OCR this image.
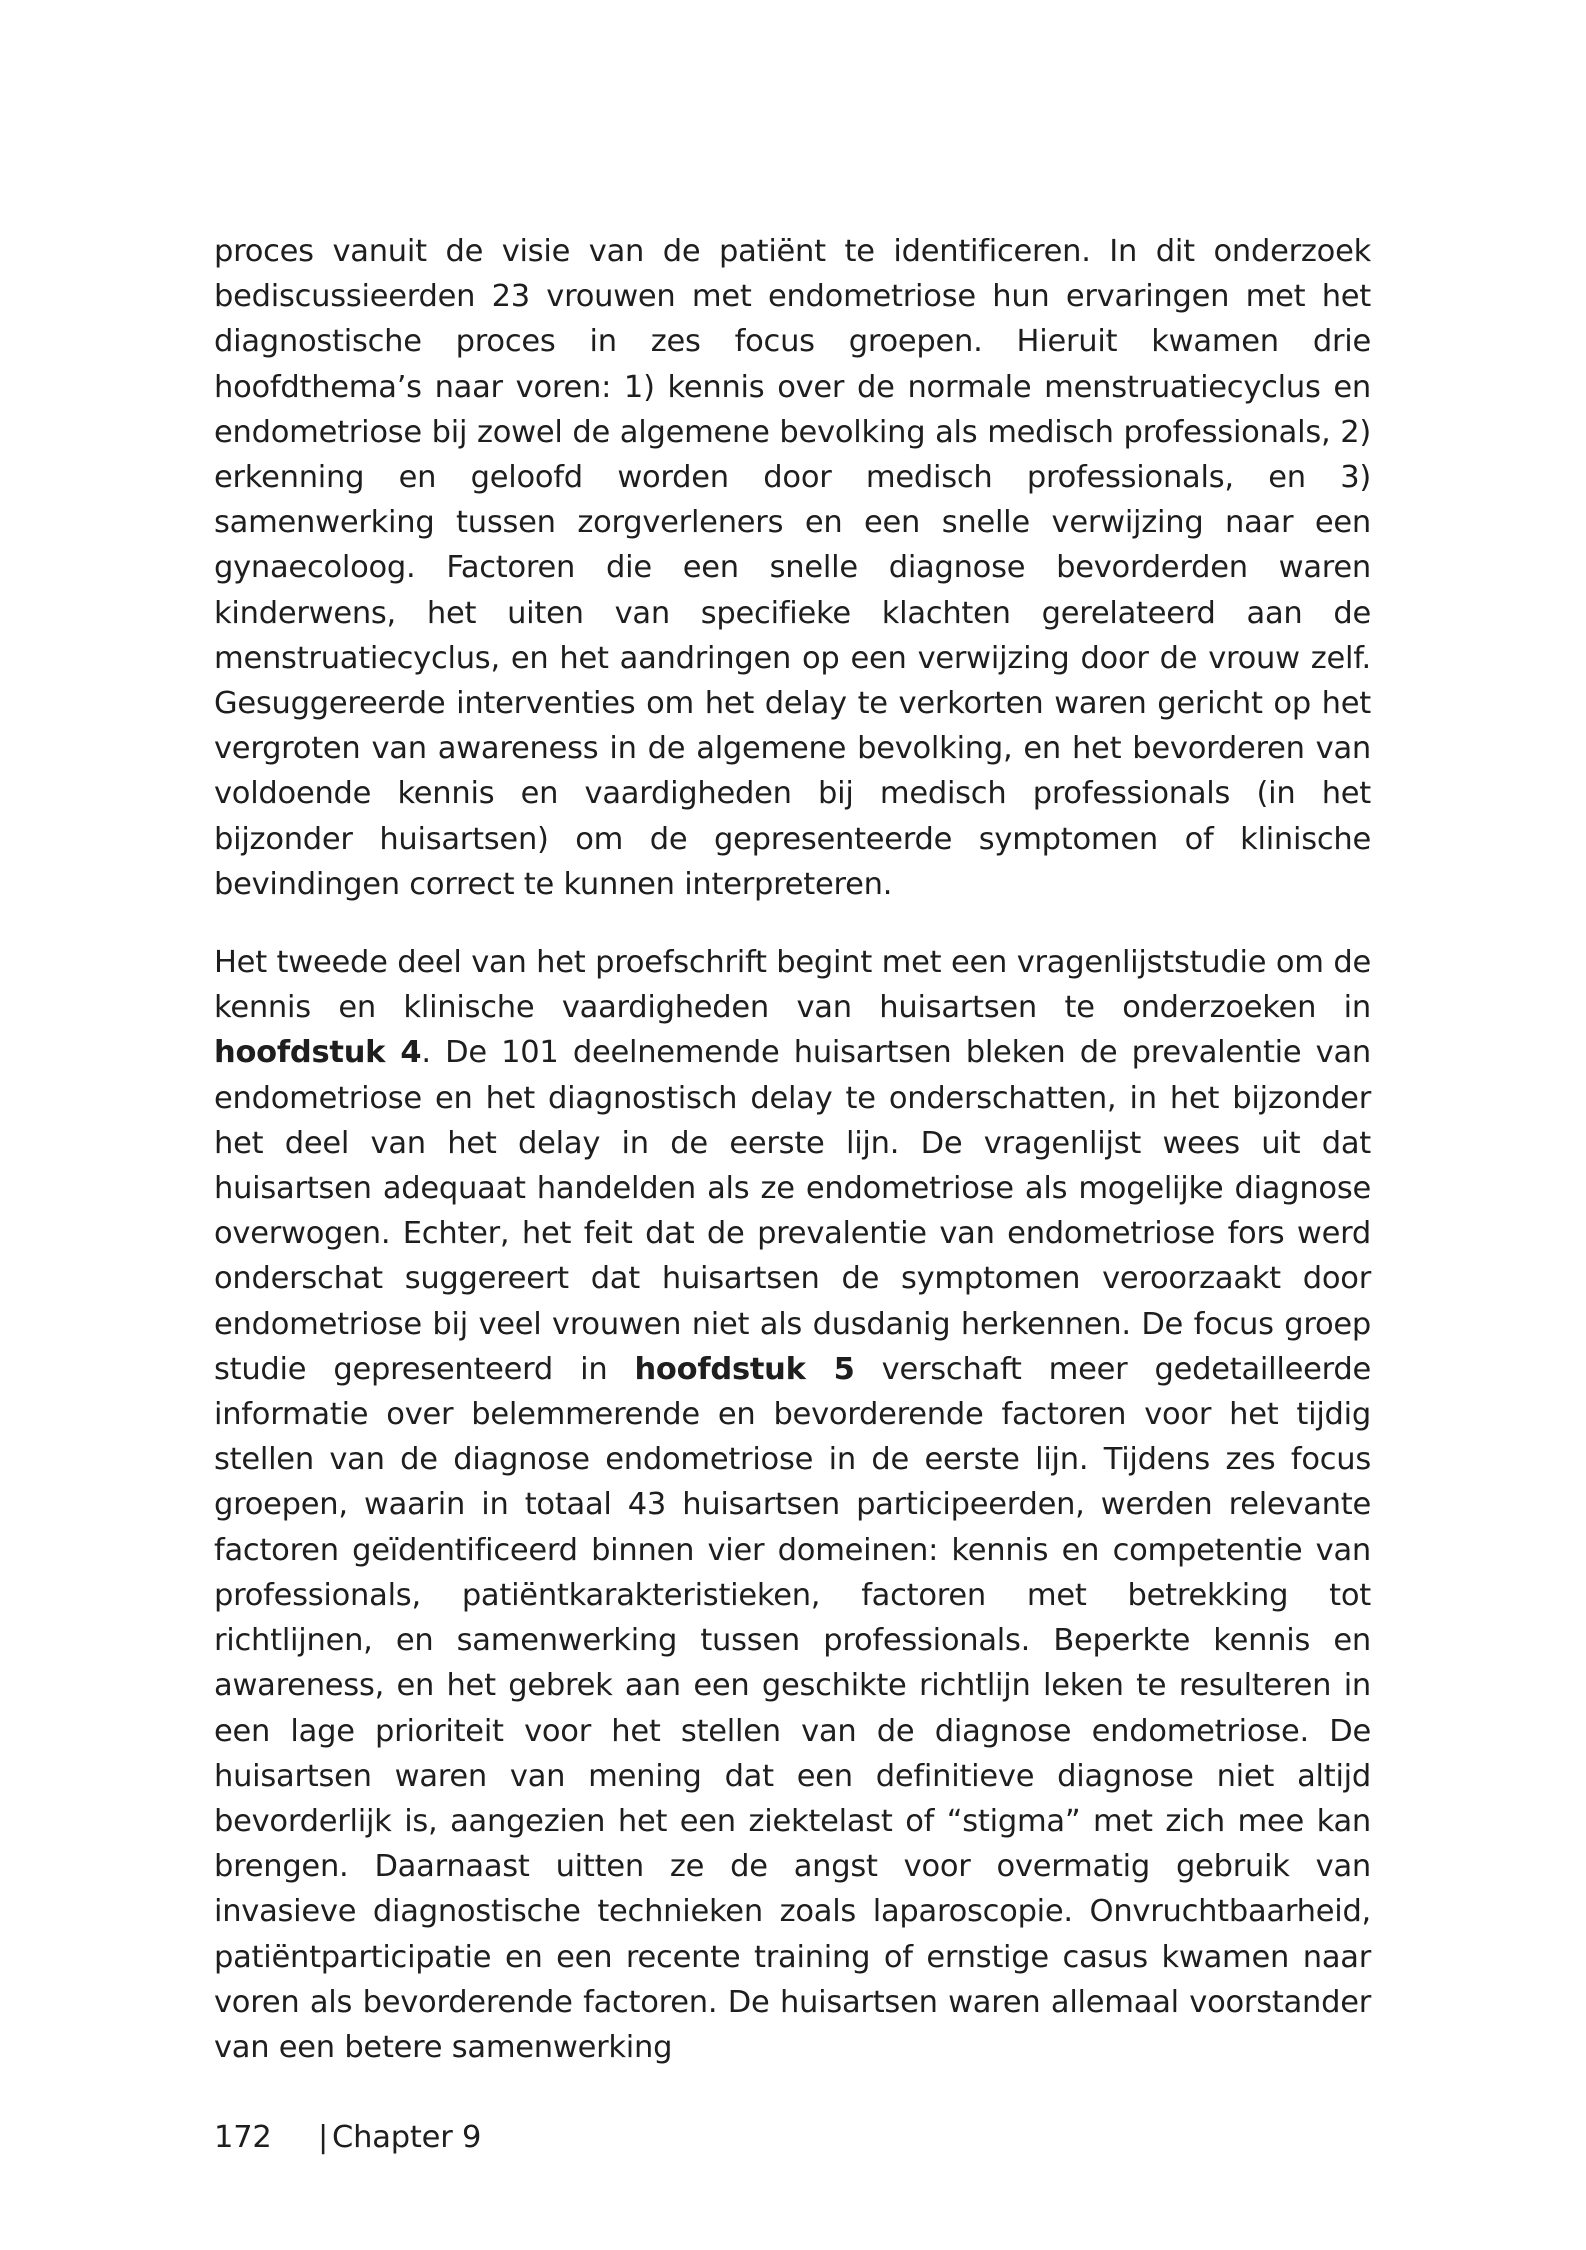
proces vanuit de visie van de patiënt te identificeren. In dit onderzoek bediscussieerden 23 vrouwen met endometriose hun ervaringen met het diagnostische proces in zes focus groepen. Hieruit kwamen drie hoofdthema’s naar voren: 1) kennis over de normale menstruatiecyclus en endometriose bij zowel de algemene bevolking als medisch professionals, 2) erkenning en geloofd worden door medisch professionals, en 3) samenwerking tussen zorgverleners en een snelle verwijzing naar een gynaecoloog. Factoren die een snelle diagnose bevorderden waren kinderwens, het uiten van specifieke klachten gerelateerd aan de menstruatiecyclus, en het aandringen op een verwijzing door de vrouw zelf. Gesuggereerde interventies om het delay te verkorten waren gericht op het vergroten van awareness in de algemene bevolking, en het bevorderen van voldoende kennis en vaardigheden bij medisch professionals (in het bijzonder huisartsen) om de gepresenteerde symptomen of klinische bevindingen correct te kunnen interpreteren.

Het tweede deel van het proefschrift begint met een vragenlijststudie om de kennis en klinische vaardigheden van huisartsen te onderzoeken in hoofdstuk 4. De 101 deelnemende huisartsen bleken de prevalentie van endometriose en het diagnostisch delay te onderschatten, in het bijzonder het deel van het delay in de eerste lijn. De vragenlijst wees uit dat huisartsen adequaat handelden als ze endometriose als mogelijke diagnose overwogen. Echter, het feit dat de prevalentie van endometriose fors werd onderschat suggereert dat huisartsen de symptomen veroorzaakt door endometriose bij veel vrouwen niet als dusdanig herkennen. De focus groep studie gepresenteerd in hoofdstuk 5 verschaft meer gedetailleerde informatie over belemmerende en bevorderende factoren voor het tijdig stellen van de diagnose endometriose in de eerste lijn. Tijdens zes focus groepen, waarin in totaal 43 huisartsen participeerden, werden relevante factoren geïdentificeerd binnen vier domeinen: kennis en competentie van professionals, patiëntkarakteristieken, factoren met betrekking tot richtlijnen, en samenwerking tussen professionals. Beperkte kennis en awareness, en het gebrek aan een geschikte richtlijn leken te resulteren in een lage prioriteit voor het stellen van de diagnose endometriose. De huisartsen waren van mening dat een definitieve diagnose niet altijd bevorderlijk is, aangezien het een ziektelast of “stigma” met zich mee kan brengen. Daarnaast uitten ze de angst voor overmatig gebruik van invasieve diagnostische technieken zoals laparoscopie. Onvruchtbaarheid, patiëntparticipatie en een recente training of ernstige casus kwamen naar voren als bevorderende factoren. De huisartsen waren allemaal voorstander van een betere samenwerking

172 | Chapter 9
